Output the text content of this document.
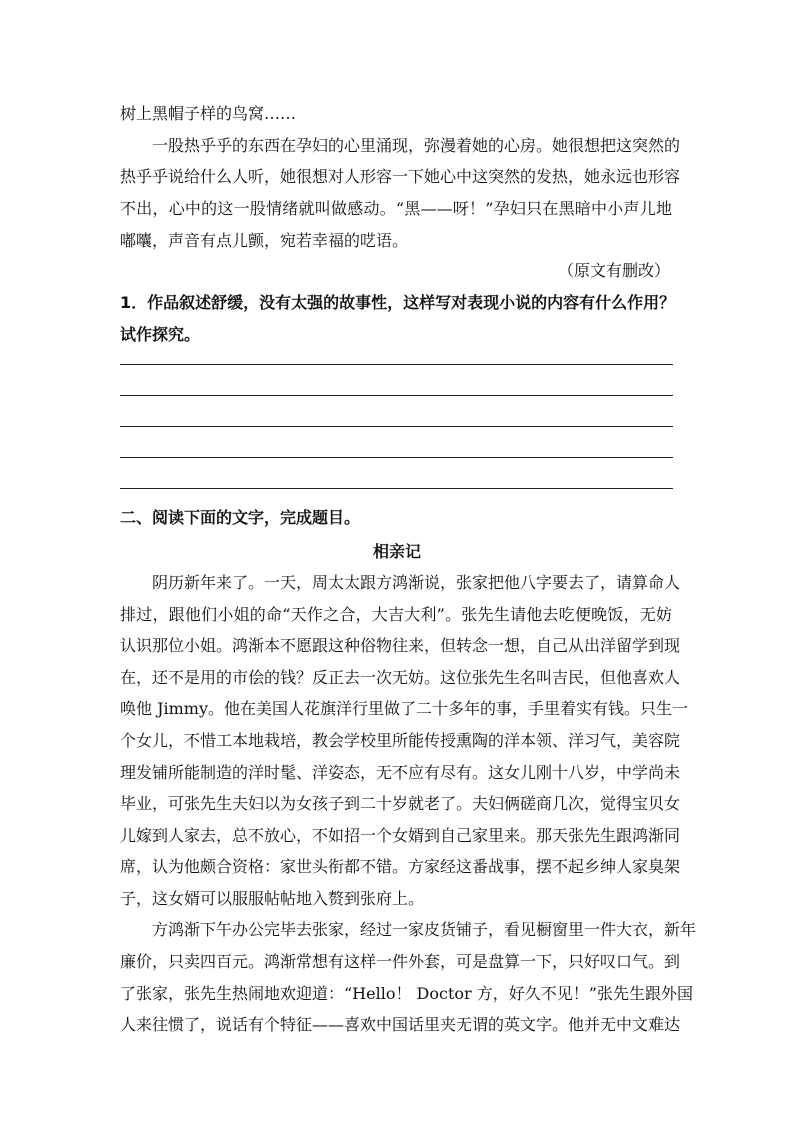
树上黑帽子样的鸟窝……
一股热乎乎的东西在孕妇的心里涌现，弥漫着她的心房。她很想把这突然的
热乎乎说给什么人听，她很想对人形容一下她心中这突然的发热，她永远也形容
不出，心中的这一股情绪就叫做感动。“黑——呀！”孕妇只在黑暗中小声儿地
嘟囔，声音有点儿颤，宛若幸福的呓语。
（原文有删改）
1．作品叙述舒缓，没有太强的故事性，这样写对表现小说的内容有什么作用？
试作探究。
二、阅读下面的文字，完成题目。
相亲记
阴历新年来了。一天，周太太跟方鸿渐说，张家把他八字要去了，请算命人
排过，跟他们小姐的命“天作之合，大吉大利”。张先生请他去吃便晚饭，无妨
认识那位小姐。鸿渐本不愿跟这种俗物往来，但转念一想，自己从出洋留学到现
在，还不是用的市侩的钱？反正去一次无妨。这位张先生名叫吉民，但他喜欢人
唤他 Jimmy。他在美国人花旗洋行里做了二十多年的事，手里着实有钱。只生一
个女儿，不惜工本地栽培，教会学校里所能传授熏陶的洋本领、洋习气，美容院
理发铺所能制造的洋时髦、洋姿态，无不应有尽有。这女儿刚十八岁，中学尚未
毕业，可张先生夫妇以为女孩子到二十岁就老了。夫妇俩磋商几次，觉得宝贝女
儿嫁到人家去，总不放心，不如招一个女婿到自己家里来。那天张先生跟鸿渐同
席，认为他颇合资格：家世头衔都不错。方家经这番战事，摆不起乡绅人家臭架
子，这女婿可以服服帖帖地入赘到张府上。
方鸿渐下午办公完毕去张家，经过一家皮货铺子，看见橱窗里一件大衣，新年
廉价，只卖四百元。鸿渐常想有这样一件外套，可是盘算一下，只好叹口气。到
了张家，张先生热闹地欢迎道：“Hello！ Doctor 方，好久不见！”张先生跟外国
人来往惯了，说话有个特征——喜欢中国话里夹无谓的英文字。他并无中文难达
